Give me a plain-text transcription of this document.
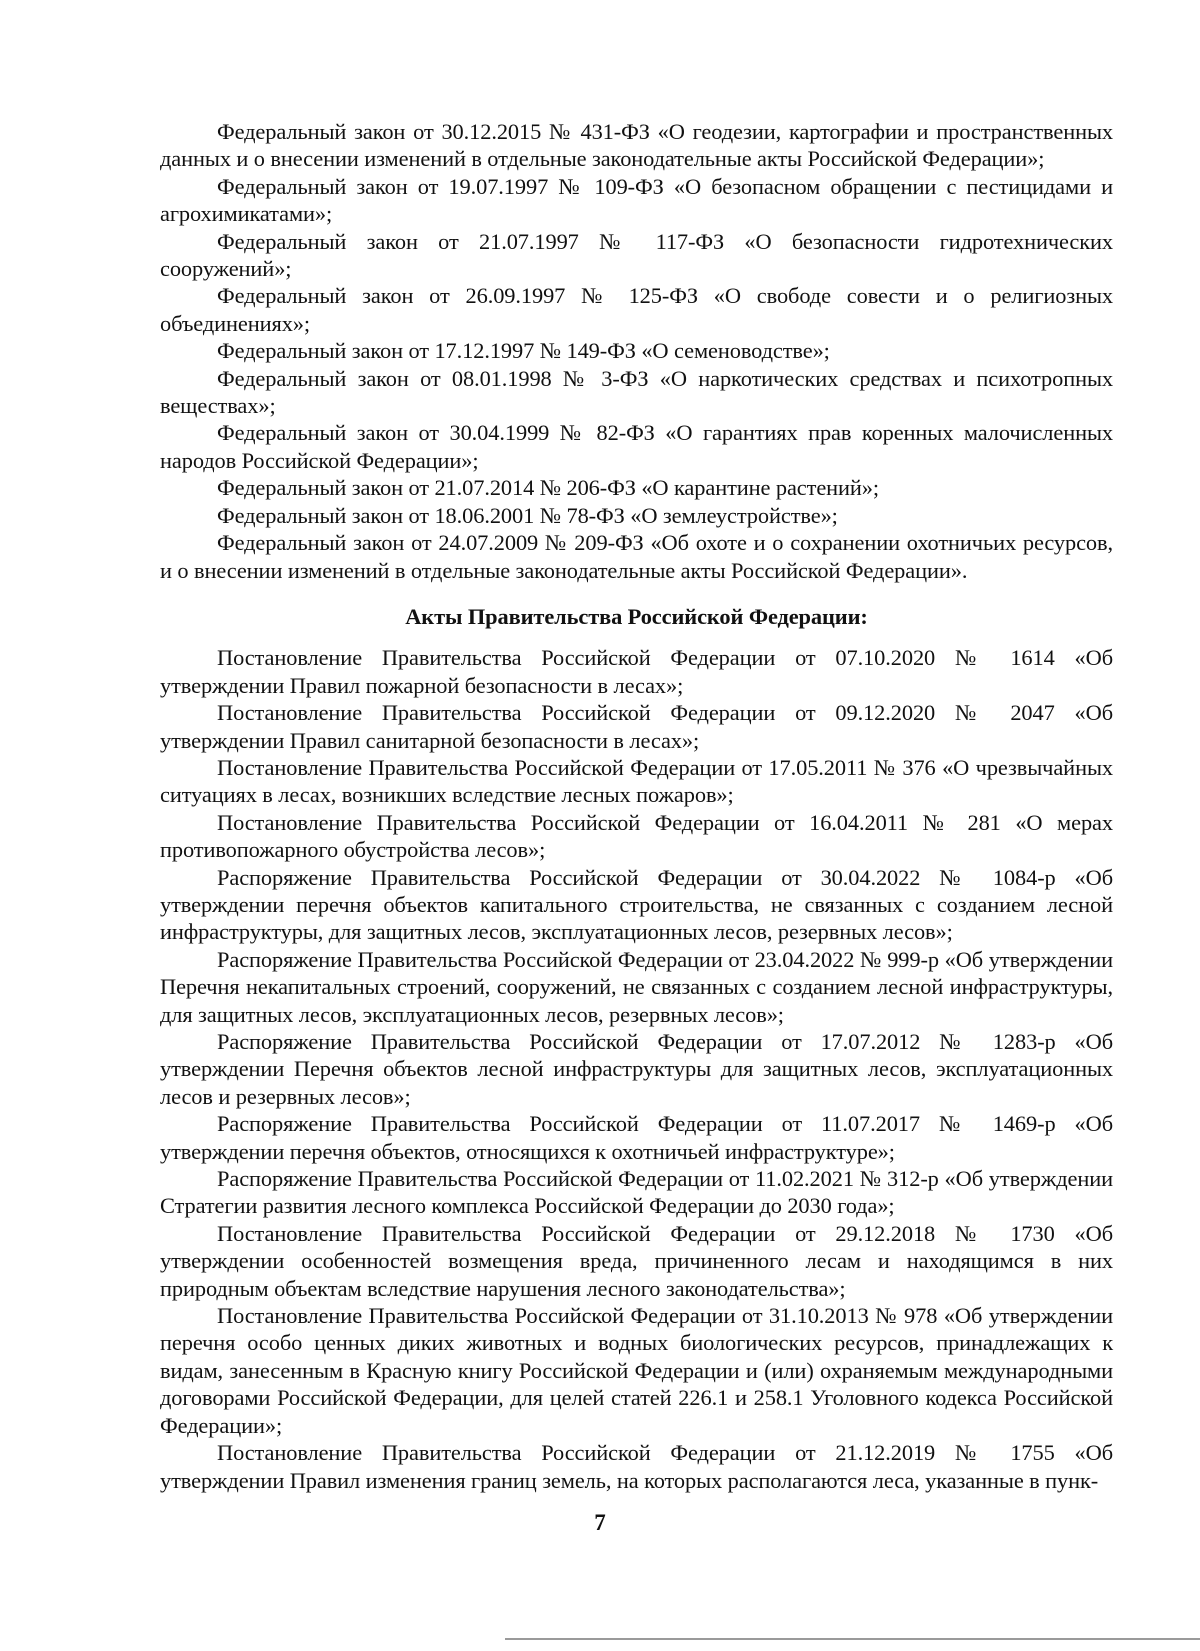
Федеральный закон от 30.12.2015 № 431-ФЗ «О геодезии, картографии и пространственных данных и о внесении изменений в отдельные законодательные акты Российской Федерации»;

Федеральный закон от 19.07.1997 № 109-ФЗ «О безопасном обращении с пестицидами и агрохимикатами»;

Федеральный закон от 21.07.1997 № 117-ФЗ «О безопасности гидротехнических сооружений»;

Федеральный закон от 26.09.1997 № 125-ФЗ «О свободе совести и о религиозных объединениях»;

Федеральный закон от 17.12.1997 № 149-ФЗ «О семеноводстве»;

Федеральный закон от 08.01.1998 № 3-ФЗ «О наркотических средствах и психотропных веществах»;

Федеральный закон от 30.04.1999 № 82-ФЗ «О гарантиях прав коренных малочисленных народов Российской Федерации»;

Федеральный закон от 21.07.2014 № 206-ФЗ «О карантине растений»;

Федеральный закон от 18.06.2001 № 78-ФЗ «О землеустройстве»;

Федеральный закон от 24.07.2009 № 209-ФЗ «Об охоте и о сохранении охотничьих ресурсов, и о внесении изменений в отдельные законодательные акты Российской Федерации».

Акты Правительства Российской Федерации:

Постановление Правительства Российской Федерации от 07.10.2020 № 1614 «Об утверждении Правил пожарной безопасности в лесах»;

Постановление Правительства Российской Федерации от 09.12.2020 № 2047 «Об утверждении Правил санитарной безопасности в лесах»;

Постановление Правительства Российской Федерации от 17.05.2011 № 376 «О чрезвычайных ситуациях в лесах, возникших вследствие лесных пожаров»;

Постановление Правительства Российской Федерации от 16.04.2011 № 281 «О мерах противопожарного обустройства лесов»;

Распоряжение Правительства Российской Федерации от 30.04.2022 № 1084-р «Об утверждении перечня объектов капитального строительства, не связанных с созданием лесной инфраструктуры, для защитных лесов, эксплуатационных лесов, резервных лесов»;

Распоряжение Правительства Российской Федерации от 23.04.2022 № 999-р «Об утверждении Перечня некапитальных строений, сооружений, не связанных с созданием лесной инфраструктуры, для защитных лесов, эксплуатационных лесов, резервных лесов»;

Распоряжение Правительства Российской Федерации от 17.07.2012 № 1283-р «Об утверждении Перечня объектов лесной инфраструктуры для защитных лесов, эксплуатационных лесов и резервных лесов»;

Распоряжение Правительства Российской Федерации от 11.07.2017 № 1469-р «Об утверждении перечня объектов, относящихся к охотничьей инфраструктуре»;

Распоряжение Правительства Российской Федерации от 11.02.2021 № 312-р «Об утверждении Стратегии развития лесного комплекса Российской Федерации до 2030 года»;

Постановление Правительства Российской Федерации от 29.12.2018 № 1730 «Об утверждении особенностей возмещения вреда, причиненного лесам и находящимся в них природным объектам вследствие нарушения лесного законодательства»;

Постановление Правительства Российской Федерации от 31.10.2013 № 978 «Об утверждении перечня особо ценных диких животных и водных биологических ресурсов, принадлежащих к видам, занесенным в Красную книгу Российской Федерации и (или) охраняемым международными договорами Российской Федерации, для целей статей 226.1 и 258.1 Уголовного кодекса Российской Федерации»;

Постановление Правительства Российской Федерации от 21.12.2019 № 1755 «Об утверждении Правил изменения границ земель, на которых располагаются леса, указанные в пунк-

7
